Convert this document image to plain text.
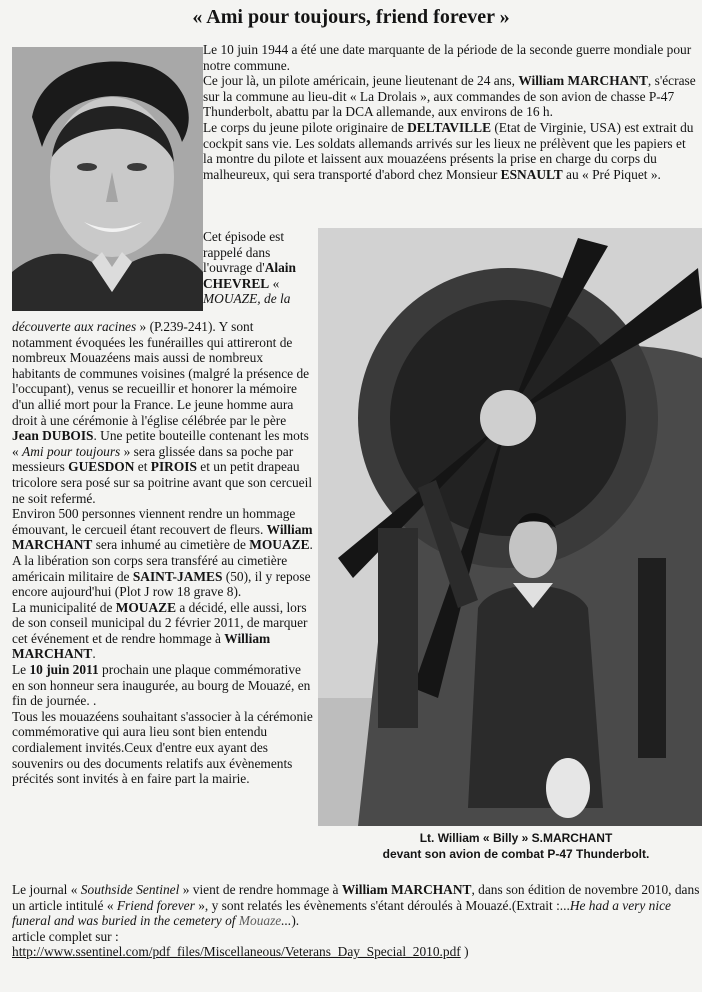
« Ami pour toujours, friend forever »

Le 10 juin 1944 a été une date marquante de la période de la seconde guerre mondiale pour notre commune.

Ce jour là, un pilote américain, jeune lieutenant de 24 ans, William MARCHANT, s'écrase sur la commune au lieu-dit « La Drolais », aux commandes de son avion de chasse P-47 Thunderbolt, abattu par la DCA allemande, aux environs de 16 h.

Le corps du jeune pilote originaire de DELTAVILLE (Etat de Virginie, USA) est extrait du cockpit sans vie. Les soldats allemands arrivés sur les lieux ne prélèvent que les papiers et la montre du pilote et laissent aux mouazéens présents la prise en charge du corps du malheureux, qui sera transporté d'abord chez Monsieur ESNAULT au « Pré Piquet ».

Cet épisode est rappelé dans l'ouvrage d'Alain CHEVREL « MOUAZE, de la

découverte aux racines » (P.239-241). Y sont notamment évoquées les funérailles qui attireront de nombreux Mouazéens mais aussi de nombreux habitants de communes voisines (malgré la présence de l'occupant), venus se recueillir et honorer la mémoire d'un allié mort pour la France. Le jeune homme aura droit à une cérémonie à l'église célébrée par le père Jean DUBOIS. Une petite bouteille contenant les mots « Ami pour toujours » sera glissée dans sa poche par messieurs GUESDON et PIROIS et un petit drapeau tricolore sera posé sur sa poitrine avant que son cercueil ne soit refermé.

Environ 500 personnes viennent rendre un hommage émouvant, le cercueil étant recouvert de fleurs. William MARCHANT sera inhumé au cimetière de MOUAZE. A la libération son corps sera transféré au cimetière américain militaire de SAINT-JAMES (50), il y repose encore aujourd'hui (Plot J row 18 grave 8).

La municipalité de MOUAZE a décidé, elle aussi, lors de son conseil municipal du 2 février 2011, de marquer cet événement et de rendre hommage à William MARCHANT.

Le 10 juin 2011 prochain une plaque commémorative en son honneur sera inaugurée, au bourg de Mouazé, en fin de journée. .

Tous les mouazéens souhaitant s'associer à la cérémonie commémorative qui aura lieu sont bien entendu cordialement invités.Ceux d'entre eux ayant des souvenirs ou des documents relatifs aux évènements précités sont invités à en faire part la mairie.

Lt. William « Billy » S.MARCHANT
devant son avion de combat P-47 Thunderbolt.

Le journal « Southside Sentinel » vient de rendre hommage à William MARCHANT, dans son édition de novembre 2010, dans un article intitulé « Friend forever », y sont relatés les évènements s'étant déroulés à Mouazé.(Extrait :...He had a very nice funeral and was buried in the cemetery of Mouaze...).

article complet sur :

http://www.ssentinel.com/pdf_files/Miscellaneous/Veterans_Day_Special_2010.pdf )
